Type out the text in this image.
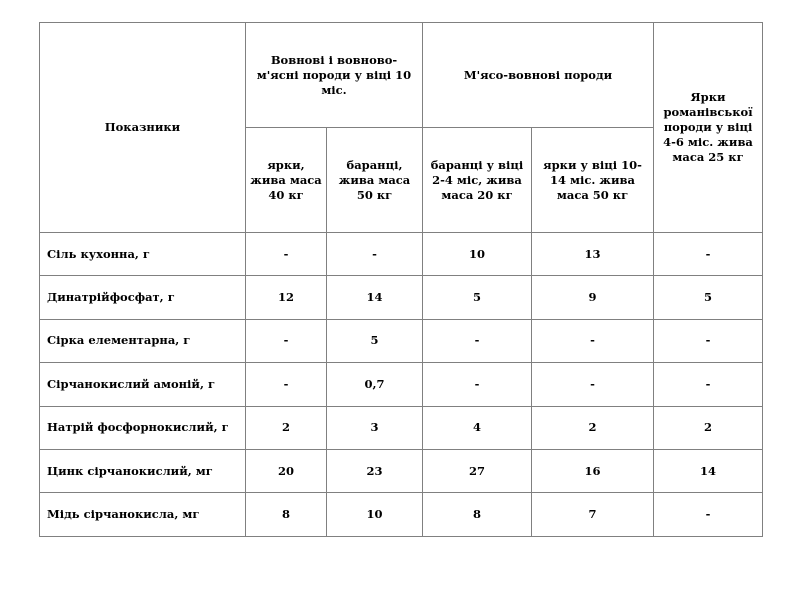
Показники	Вовнові і вовново-м'ясні породи у віці 10 міс.		М'ясо-вовнові породи		Ярки романівської породи у віці 4-6 міс. жива маса 25 кг
	ярки, жива маса 40 кг	баранці, жива маса 50 кг	баранці у віці 2-4 міс, жива маса 20 кг	ярки у віці 10-14 міс. жива маса 50 кг	
Сіль кухонна, г	-	-	10	13	-
Динатрійфосфат, г	12	14	5	9	5
Сірка елементарна, г	-	5	-	-	-
Сірчанокислий амоній, г	-	0,7	-	-	-
Натрій фосфорнокислий, г	2	3	4	2	2
Цинк сірчанокислий, мг	20	23	27	16	14
Мідь сірчанокисла, мг	8	10	8	7	-
